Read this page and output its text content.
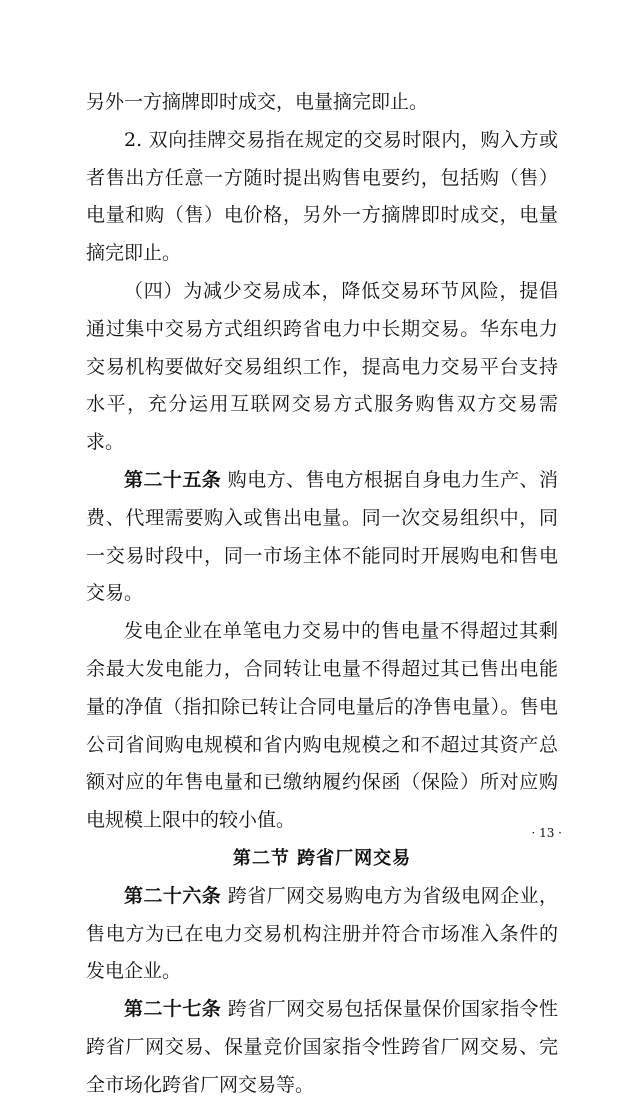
另外一方摘牌即时成交，电量摘完即止。

2. 双向挂牌交易指在规定的交易时限内，购入方或者售出方任意一方随时提出购售电要约，包括购（售）电量和购（售）电价格，另外一方摘牌即时成交，电量摘完即止。

（四）为减少交易成本，降低交易环节风险，提倡通过集中交易方式组织跨省电力中长期交易。华东电力交易机构要做好交易组织工作，提高电力交易平台支持水平，充分运用互联网交易方式服务购售双方交易需求。

第二十五条 购电方、售电方根据自身电力生产、消费、代理需要购入或售出电量。同一次交易组织中，同一交易时段中，同一市场主体不能同时开展购电和售电交易。

发电企业在单笔电力交易中的售电量不得超过其剩余最大发电能力，合同转让电量不得超过其已售出电能量的净值（指扣除已转让合同电量后的净售电量）。售电公司省间购电规模和省内购电规模之和不超过其资产总额对应的年售电量和已缴纳履约保函（保险）所对应购电规模上限中的较小值。

第二节 跨省厂网交易

第二十六条 跨省厂网交易购电方为省级电网企业，售电方为已在电力交易机构注册并符合市场准入条件的发电企业。

第二十七条 跨省厂网交易包括保量保价国家指令性跨省厂网交易、保量竞价国家指令性跨省厂网交易、完全市场化跨省厂网交易等。

· 13 ·
